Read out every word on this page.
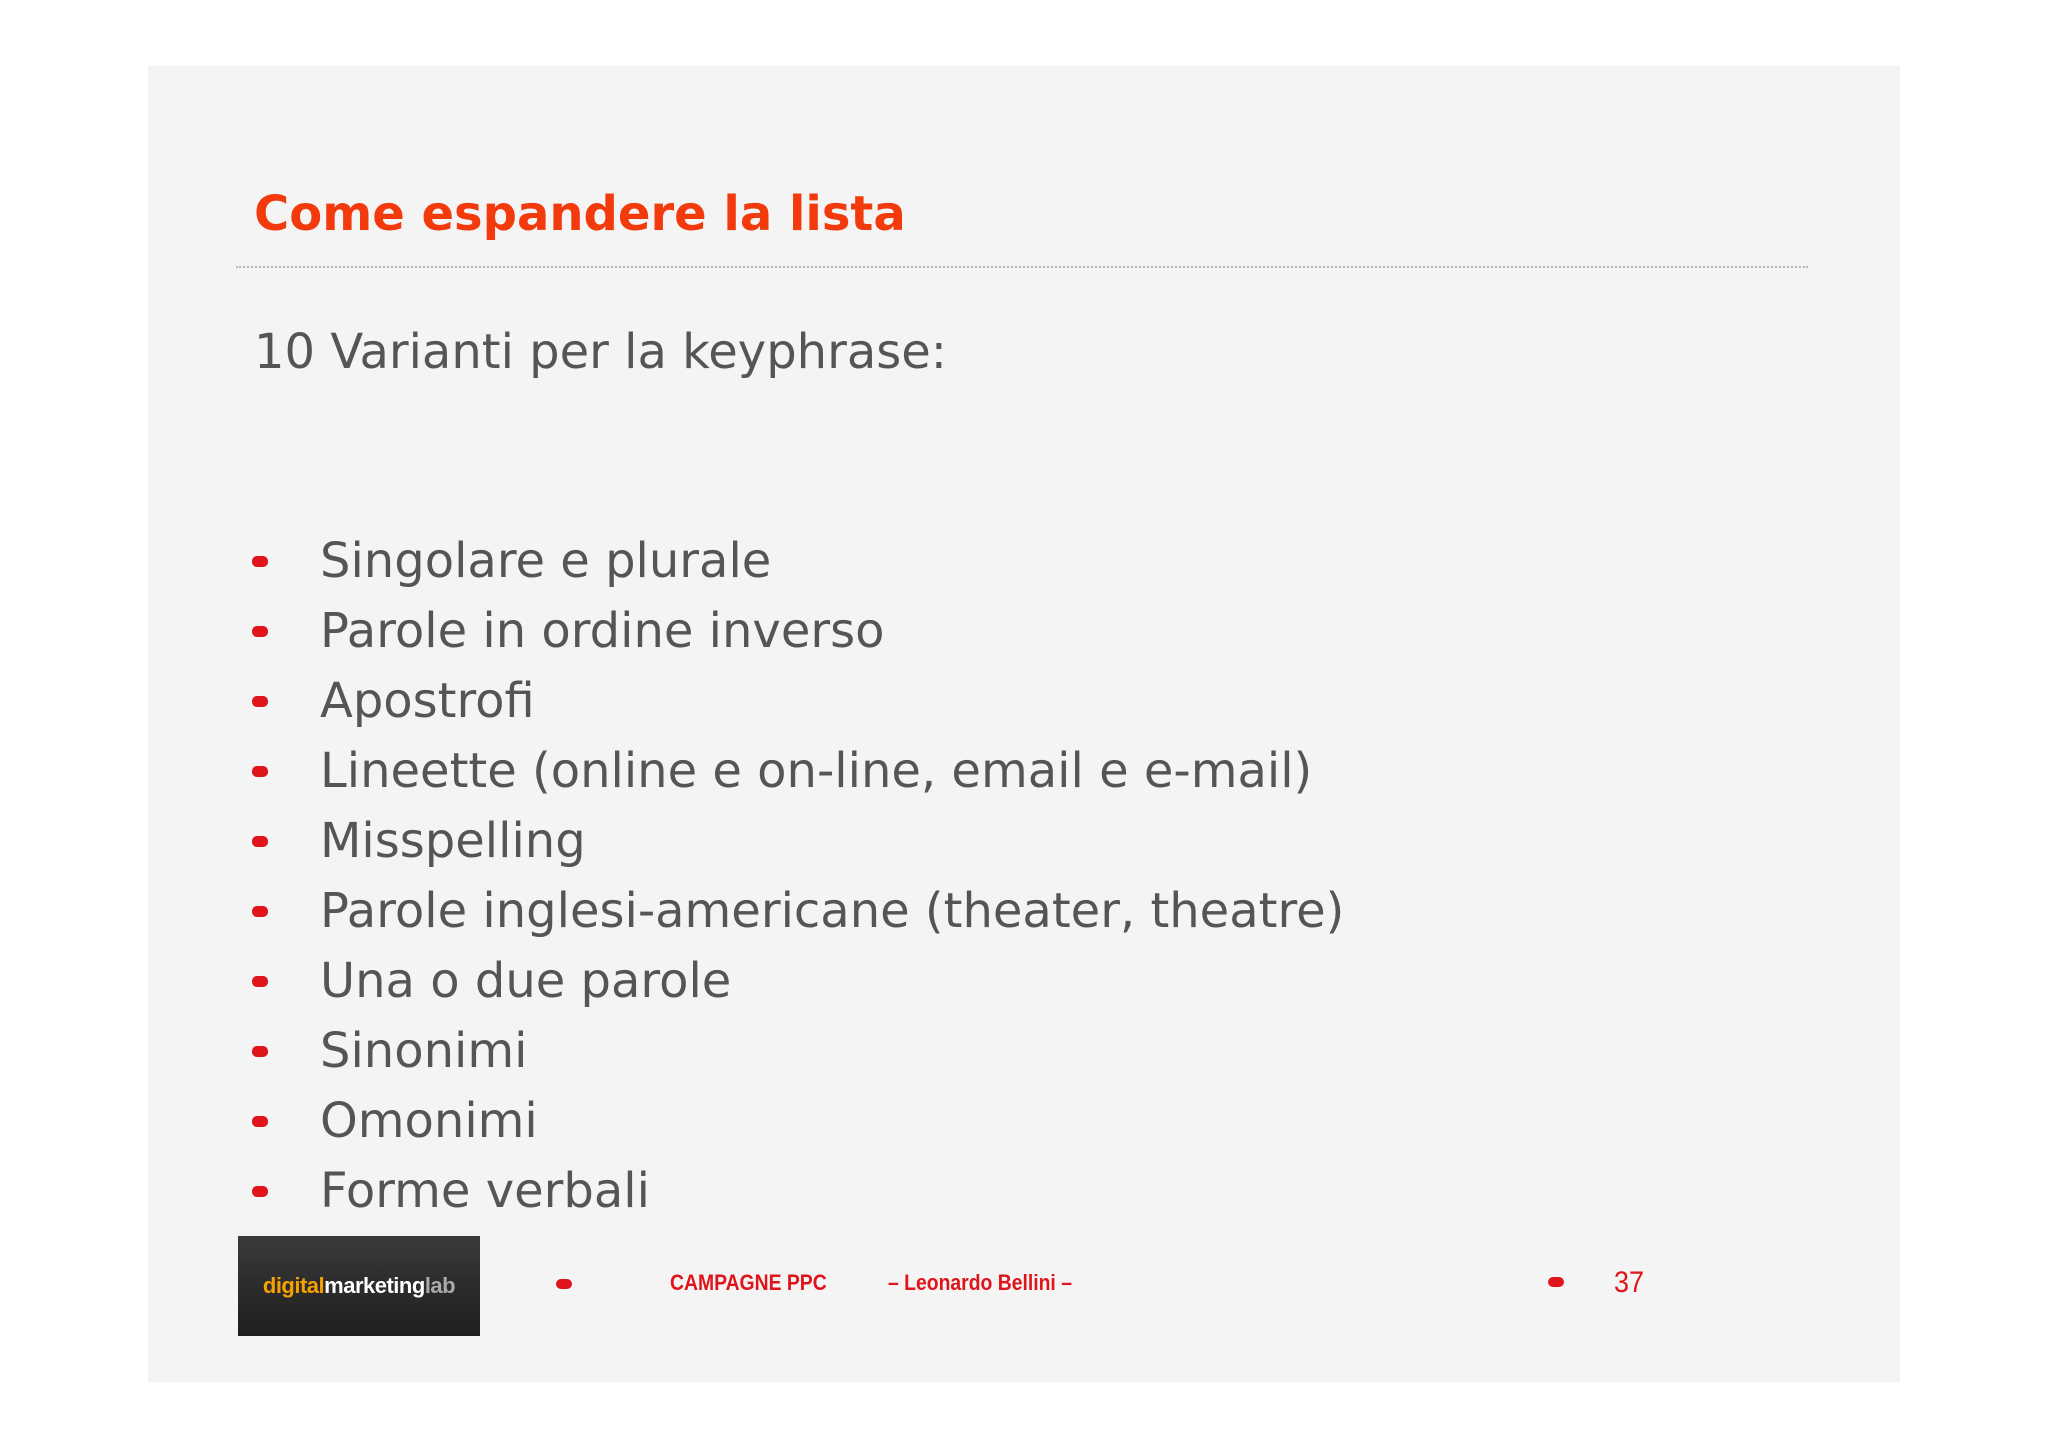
Come espandere la lista
10 Varianti per la keyphrase:
Singolare e plurale
Parole in ordine inverso
Apostrofi
Lineette (online e on-line, email e e-mail)
Misspelling
Parole inglesi-americane (theater, theatre)
Una o due parole
Sinonimi
Omonimi
Forme verbali
digitalmarketinglab	CAMPAGNE PPC	– Leonardo Bellini –	37
